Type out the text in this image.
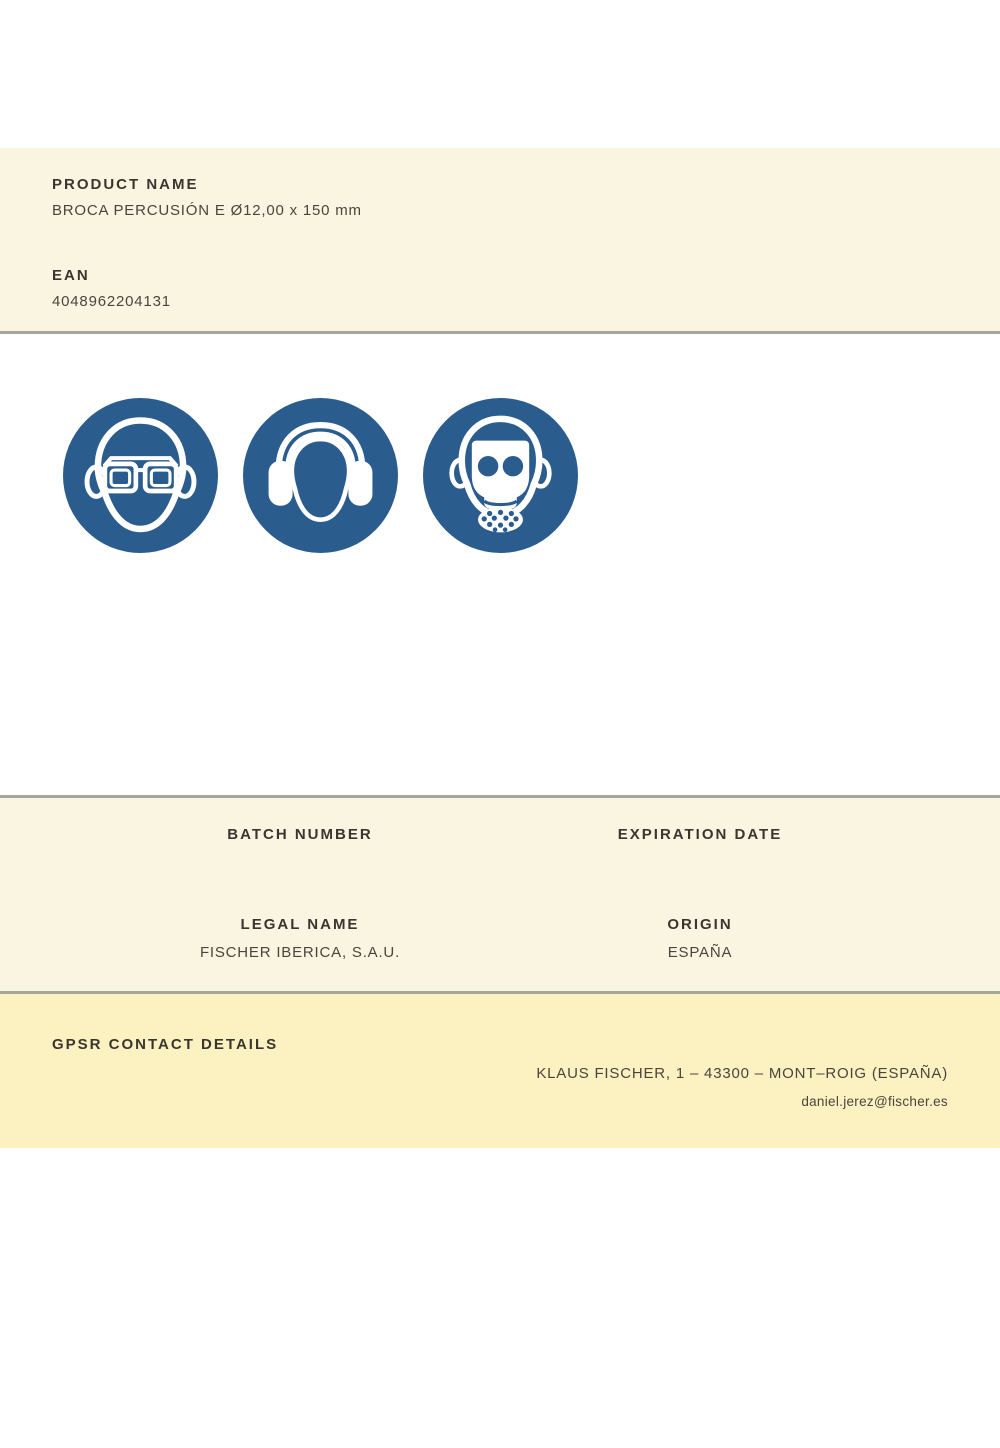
PRODUCT NAME
BROCA PERCUSIÓN E Ø12,00 x 150 mm
EAN
4048962204131
BATCH NUMBER
LEGAL NAME
FISCHER IBERICA, S.A.U.
EXPIRATION DATE
ORIGIN
ESPAÑA
GPSR CONTACT DETAILS
KLAUS FISCHER, 1 – 43300 – MONT–ROIG (ESPAÑA)
daniel.jerez@fischer.es
